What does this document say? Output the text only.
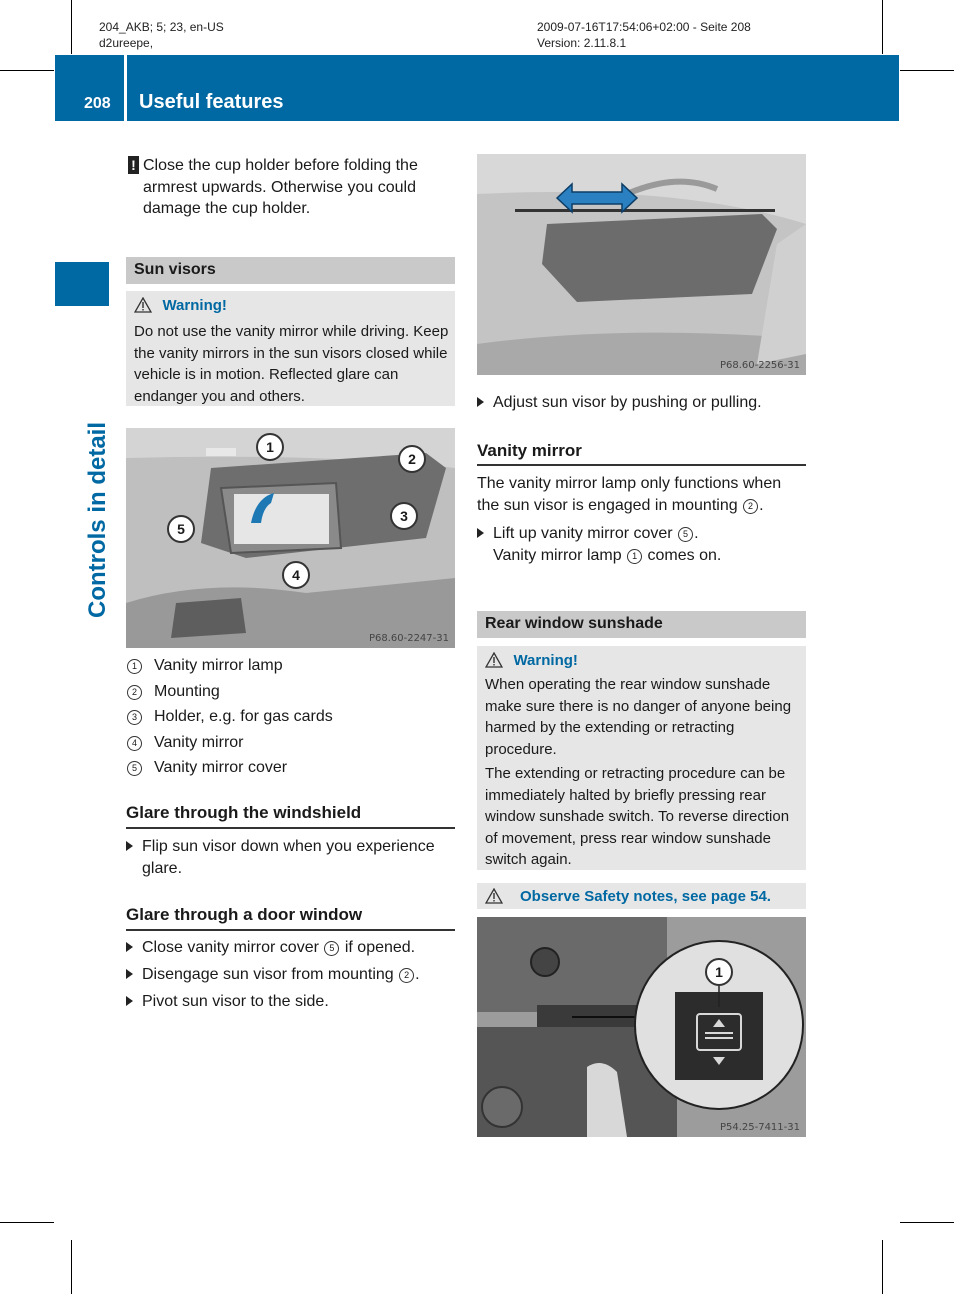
204_AKB; 5; 23, en-US
d2ureepe,
2009-07-16T17:54:06+02:00 - Seite 208
Version: 2.11.8.1
208 Useful features
Controls in detail
! Close the cup holder before folding the armrest upwards. Otherwise you could damage the cup holder.
Sun visors
Warning!
Do not use the vanity mirror while driving. Keep the vanity mirrors in the sun visors closed while vehicle is in motion. Reflected glare can endanger you and others.
1
2
3
4
5
P68.60-2247-31
1 Vanity mirror lamp
2 Mounting
3 Holder, e.g. for gas cards
4 Vanity mirror
5 Vanity mirror cover
Glare through the windshield
Flip sun visor down when you experience glare.
Glare through a door window
Close vanity mirror cover 5 if opened.
Disengage sun visor from mounting 2 .
Pivot sun visor to the side.
P68.60-2256-31
Adjust sun visor by pushing or pulling.
Vanity mirror
The vanity mirror lamp only functions when the sun visor is engaged in mounting 2 .
Lift up vanity mirror cover 5 .
Vanity mirror lamp 1 comes on.
Rear window sunshade
Warning!
When operating the rear window sunshade make sure there is no danger of anyone being harmed by the extending or retracting procedure.
The extending or retracting procedure can be immediately halted by briefly pressing rear window sunshade switch. To reverse direction of movement, press rear window sunshade switch again.
Observe Safety notes, see page 54.
1
P54.25-7411-31
